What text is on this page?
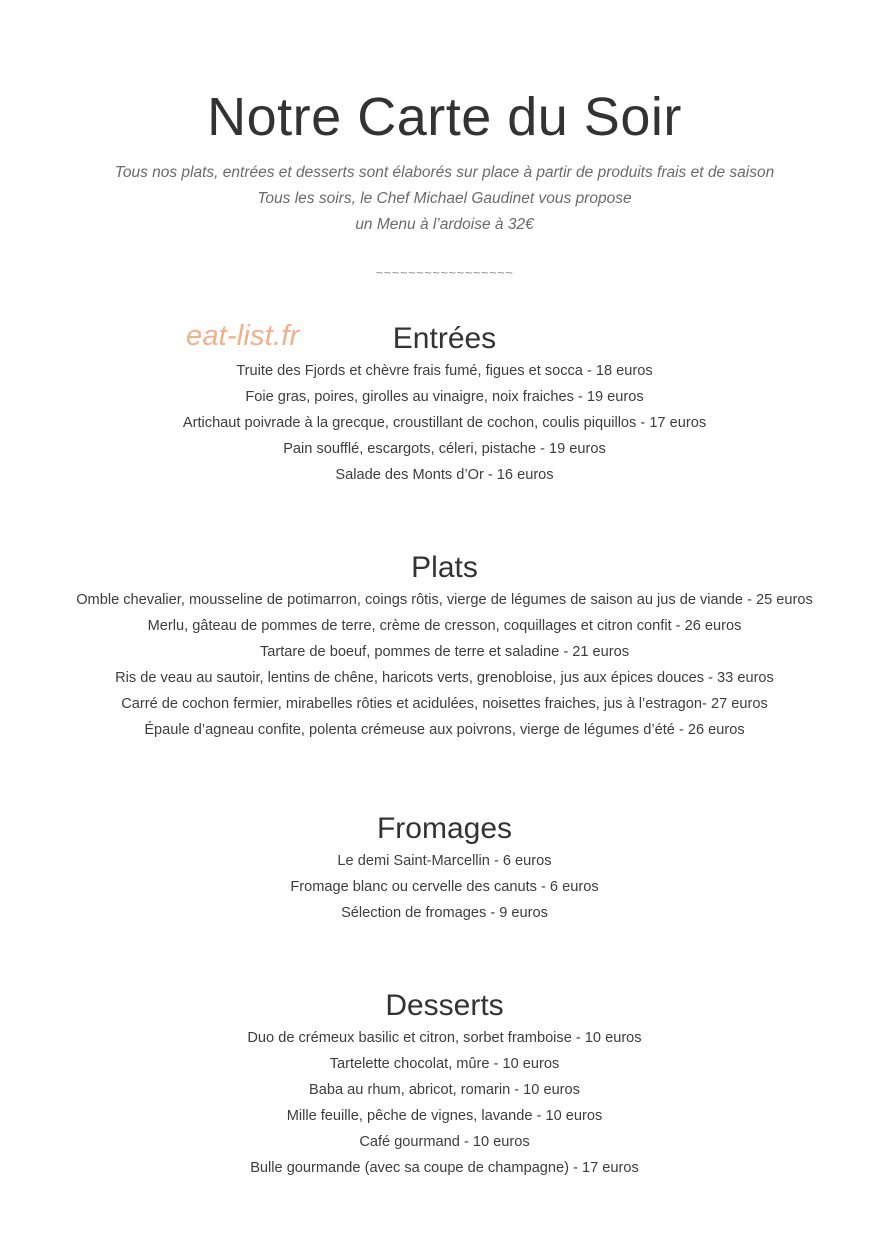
Notre Carte du Soir
Tous nos plats, entrées et desserts sont élaborés sur place à partir de produits frais et de saison
Tous les soirs, le Chef Michael Gaudinet vous propose
un Menu à l’ardoise à 32€
~~~~~~~~~~~~~~~~~
eat-list.fr	Entrées
Truite des Fjords et chèvre frais fumé, figues et socca - 18 euros
Foie gras, poires, girolles au vinaigre, noix fraiches - 19 euros
Artichaut poivrade à la grecque, croustillant de cochon, coulis piquillos - 17 euros
Pain soufflé, escargots, céleri, pistache - 19 euros
Salade des Monts d’Or - 16 euros
Plats
Omble chevalier, mousseline de potimarron, coings rôtis, vierge de légumes de saison au jus de viande - 25 euros
Merlu, gâteau de pommes de terre, crème de cresson, coquillages et citron confit - 26 euros
Tartare de boeuf, pommes de terre et saladine - 21 euros
Ris de veau au sautoir, lentins de chêne, haricots verts, grenobloise, jus aux épices douces - 33 euros
Carré de cochon fermier, mirabelles rôties et acidulées, noisettes fraiches, jus à l’estragon- 27 euros
Épaule d’agneau confite, polenta crémeuse aux poivrons, vierge de légumes d’été - 26 euros
Fromages
Le demi Saint-Marcellin - 6 euros
Fromage blanc ou cervelle des canuts - 6 euros
Sélection de fromages - 9 euros
Desserts
Duo de crémeux basilic et citron, sorbet framboise - 10 euros
Tartelette chocolat, mûre - 10 euros
Baba au rhum, abricot, romarin - 10 euros
Mille feuille, pêche de vignes, lavande - 10 euros
Café gourmand - 10 euros
Bulle gourmande (avec sa coupe de champagne) - 17 euros
